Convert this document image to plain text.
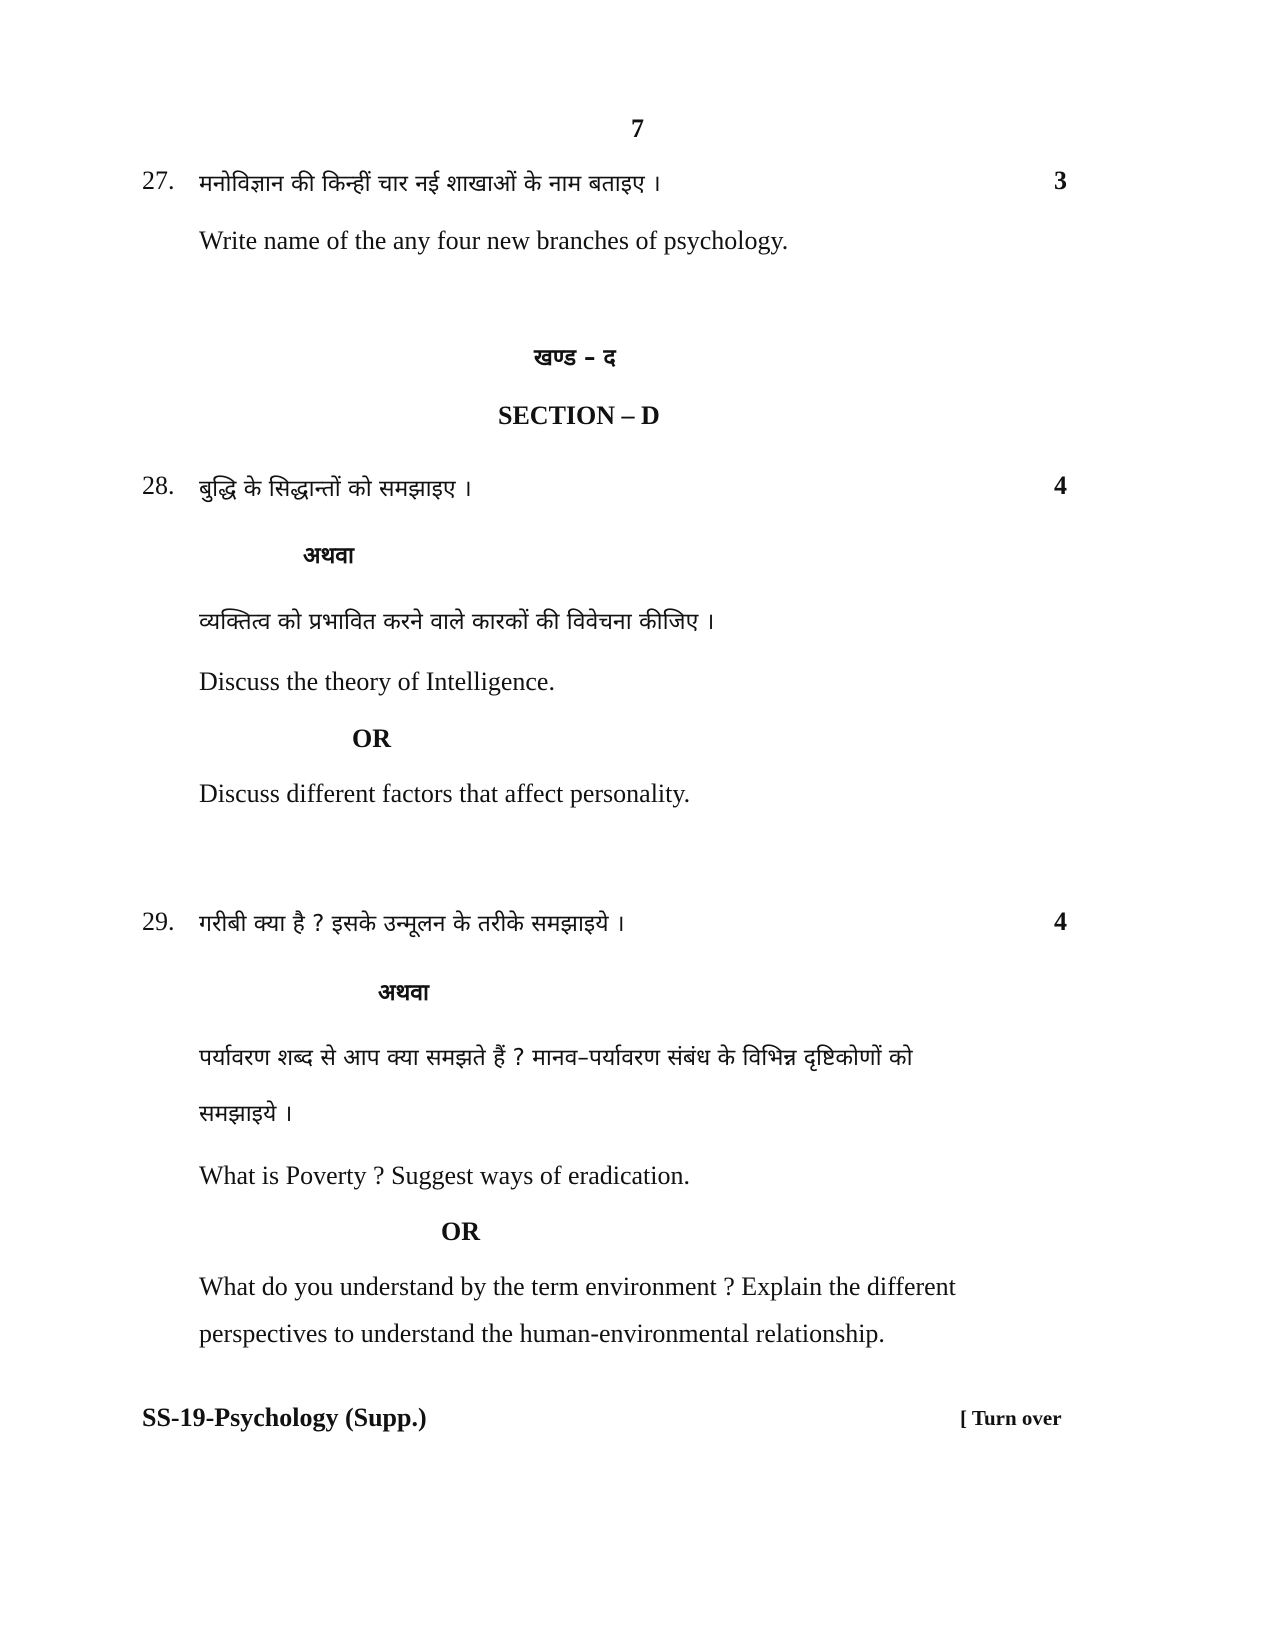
7
27. मनोविज्ञान की किन्हीं चार नई शाखाओं के नाम बताइए ।	3
Write name of the any four new branches of psychology.
खण्ड – द
SECTION – D
28. बुद्धि के सिद्धान्तों को समझाइए ।	4
अथवा
व्यक्तित्व को प्रभावित करने वाले कारकों की विवेचना कीजिए ।
Discuss the theory of Intelligence.
OR
Discuss different factors that affect personality.
29. गरीबी क्या है ? इसके उन्मूलन के तरीके समझाइये ।	4
अथवा
पर्यावरण शब्द से आप क्या समझते हैं ? मानव–पर्यावरण संबंध के विभिन्न दृष्टिकोणों को
समझाइये ।
What is Poverty ? Suggest ways of eradication.
OR
What do you understand by the term environment ? Explain the different
perspectives to understand the human-environmental relationship.
SS-19-Psychology (Supp.)	[ Turn over
